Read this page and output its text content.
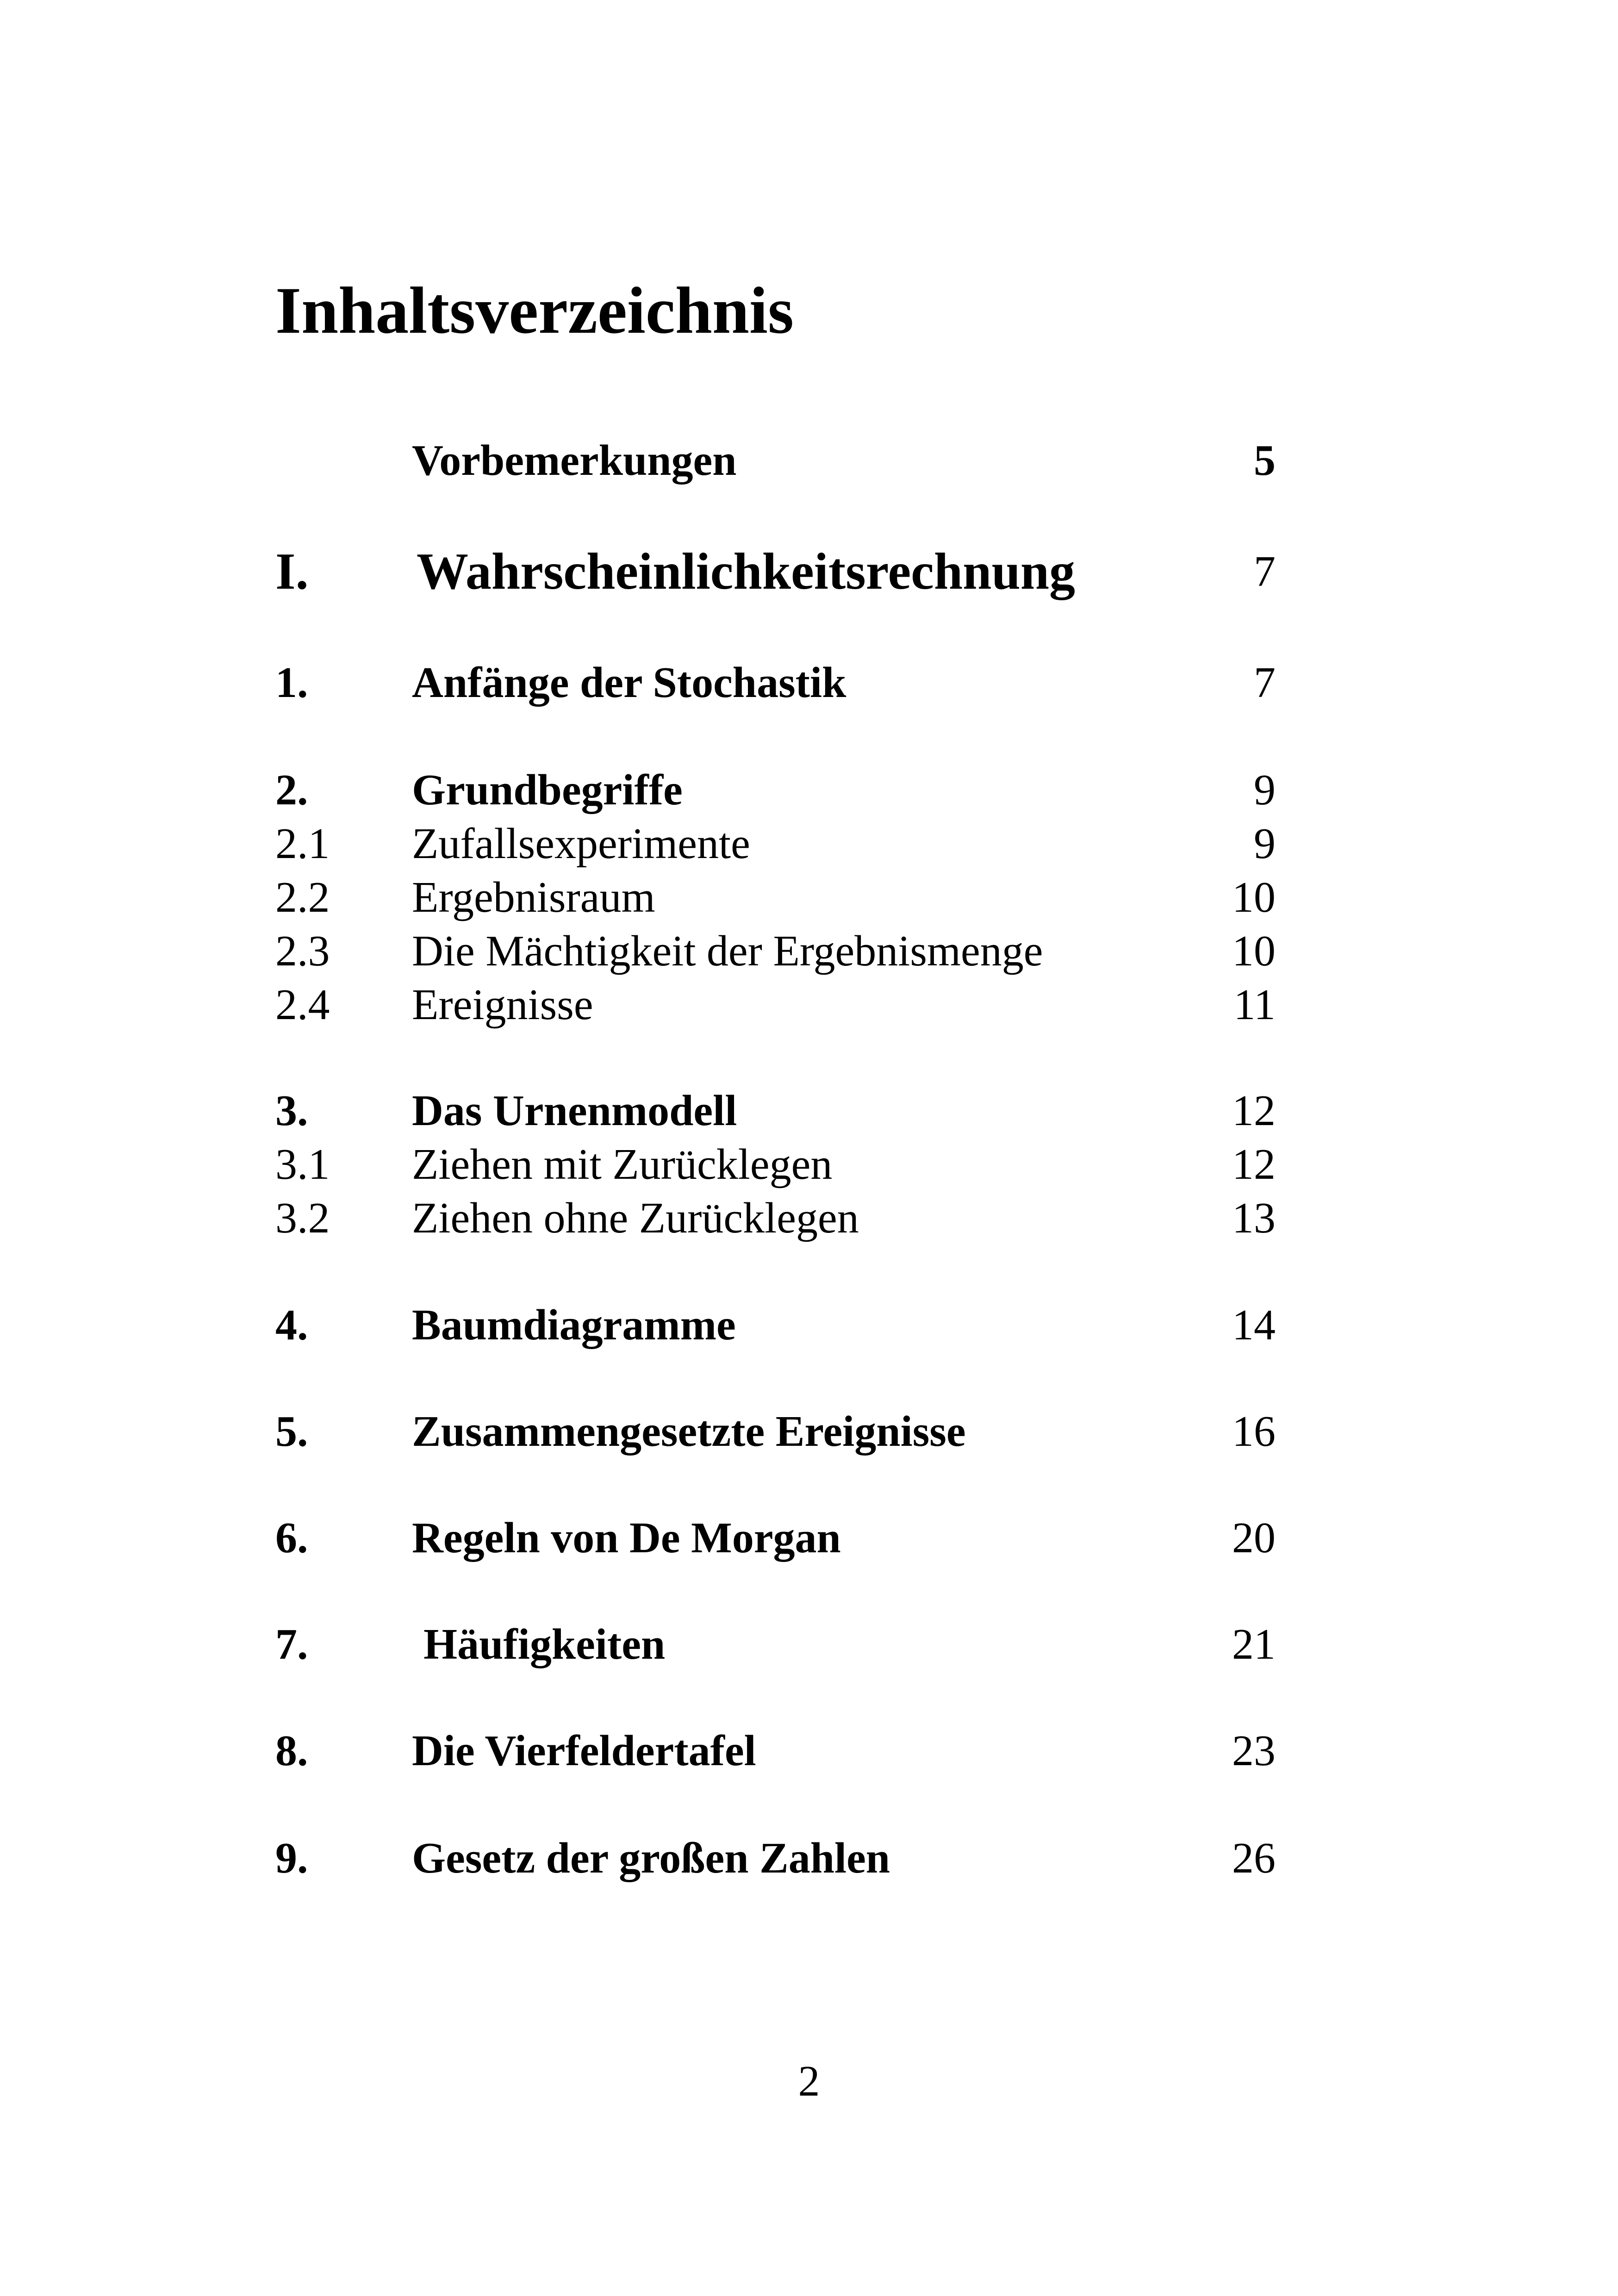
Inhaltsverzeichnis
Vorbemerkungen	5
I. Wahrscheinlichkeitsrechnung	7
1. Anfänge der Stochastik	7
2. Grundbegriffe	9
2.1 Zufallsexperimente	9
2.2 Ergebnisraum	10
2.3 Die Mächtigkeit der Ergebnismenge	10
2.4 Ereignisse	11
3. Das Urnenmodell	12
3.1 Ziehen mit Zurücklegen	12
3.2 Ziehen ohne Zurücklegen	13
4. Baumdiagramme	14
5. Zusammengesetzte Ereignisse	16
6. Regeln von De Morgan	20
7.	Häufigkeiten	21
8. Die Vierfeldertafel	23
9. Gesetz der großen Zahlen	26
2
